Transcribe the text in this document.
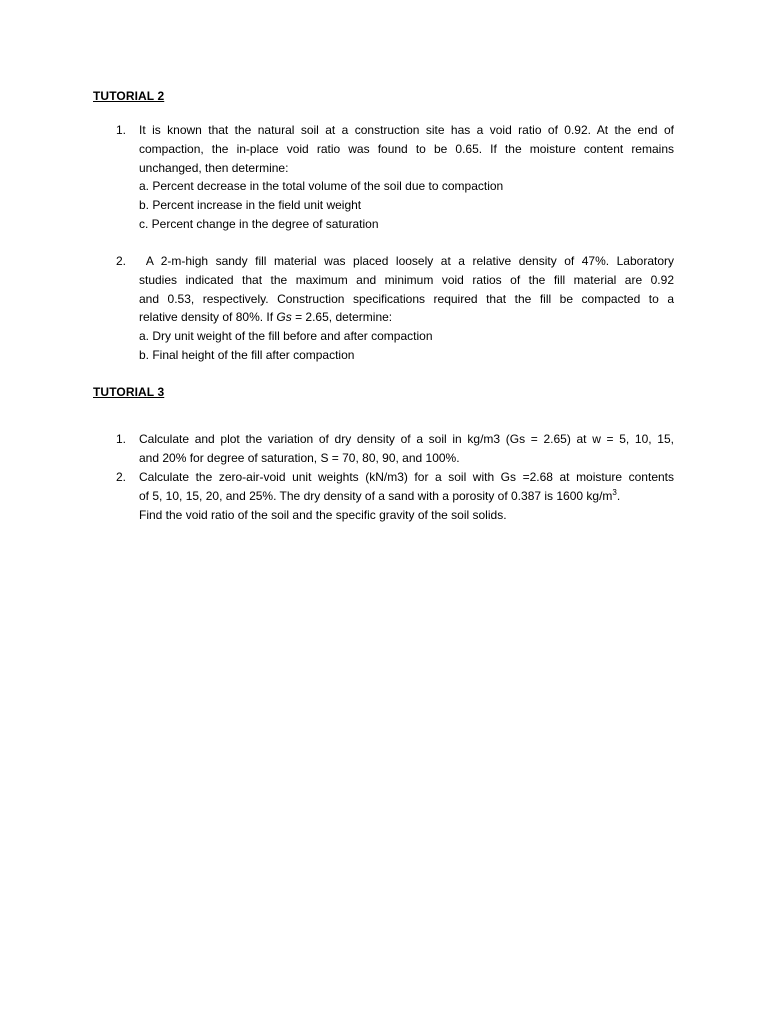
TUTORIAL 2
1. It is known that the natural soil at a construction site has a void ratio of 0.92. At the end of
compaction, the in-place void ratio was found to be 0.65. If the moisture content remains
unchanged, then determine:
a. Percent decrease in the total volume of the soil due to compaction
b. Percent increase in the field unit weight
c. Percent change in the degree of saturation
2. A 2-m-high sandy fill material was placed loosely at a relative density of 47%. Laboratory
studies indicated that the maximum and minimum void ratios of the fill material are 0.92
and 0.53, respectively. Construction specifications required that the fill be compacted to a
relative density of 80%. If Gs = 2.65, determine:
a. Dry unit weight of the fill before and after compaction
b. Final height of the fill after compaction
TUTORIAL 3
1. Calculate and plot the variation of dry density of a soil in kg/m3 (Gs = 2.65) at w = 5, 10, 15,
and 20% for degree of saturation, S = 70, 80, 90, and 100%.
2. Calculate the zero-air-void unit weights (kN/m3) for a soil with Gs =2.68 at moisture contents
of 5, 10, 15, 20, and 25%. The dry density of a sand with a porosity of 0.387 is 1600 $kg/m^3$.
Find the void ratio of the soil and the specific gravity of the soil solids.
